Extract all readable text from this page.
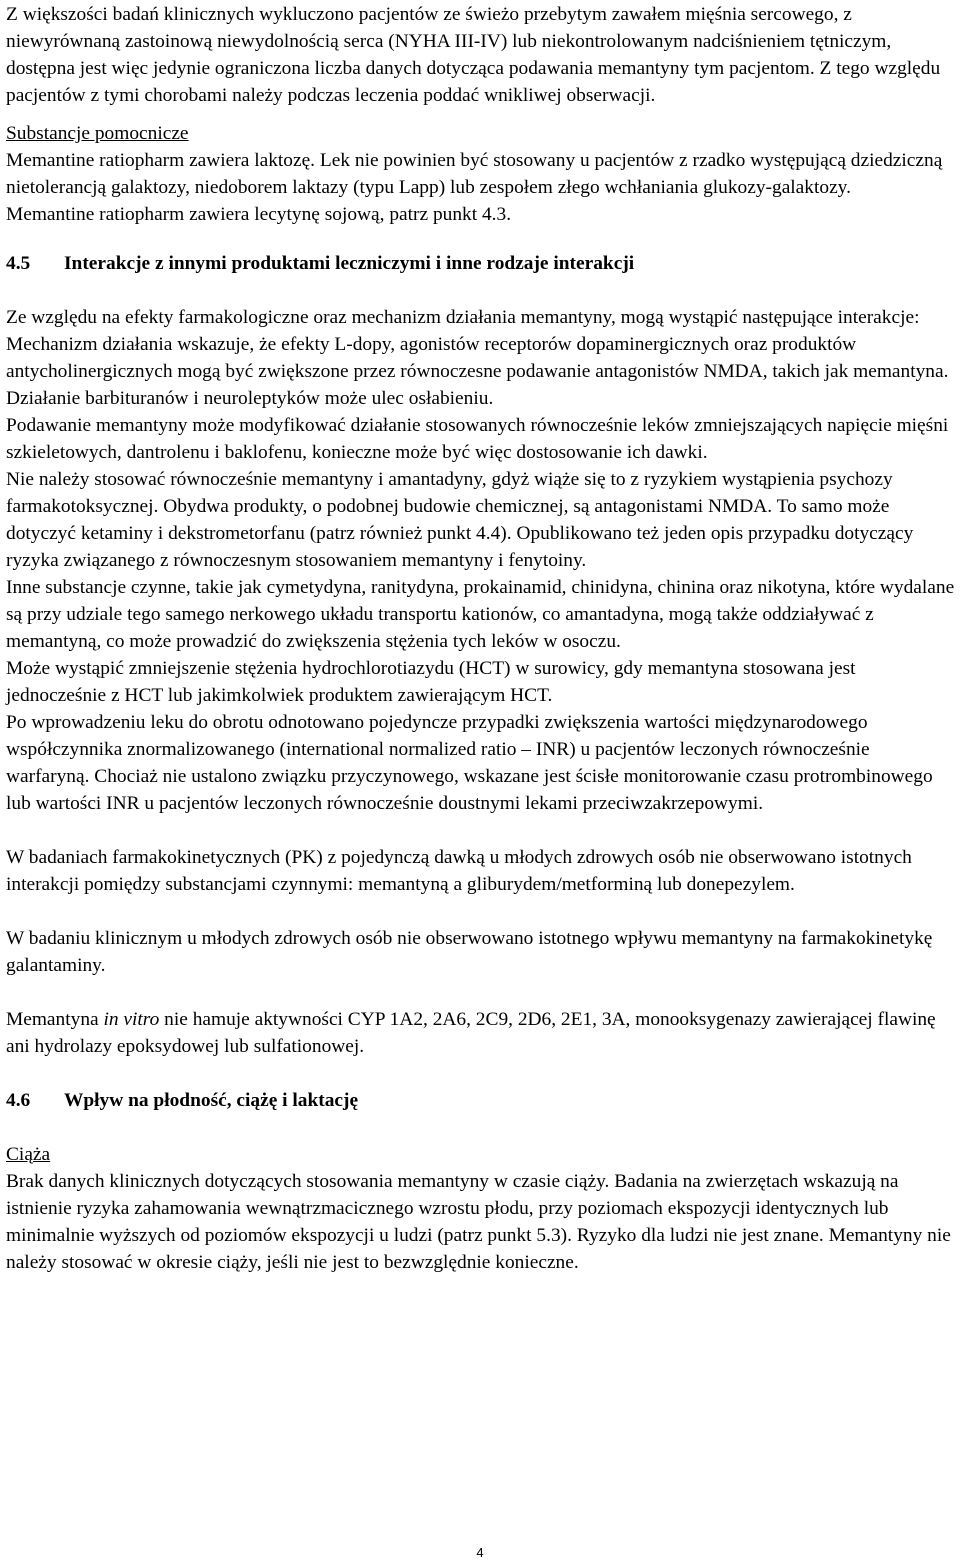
Z większości badań klinicznych wykluczono pacjentów ze świeżo przebytym zawałem mięśnia sercowego, z niewyrównaną zastoinową niewydolnością serca (NYHA III-IV) lub niekontrolowanym nadciśnieniem tętniczym, dostępna jest więc jedynie ograniczona liczba danych dotycząca podawania memantyny tym pacjentom. Z tego względu pacjentów z tymi chorobami należy podczas leczenia poddać wnikliwej obserwacji.

Substancje pomocnicze

Memantine ratiopharm zawiera laktozę. Lek nie powinien być stosowany u pacjentów z rzadko występującą dziedziczną nietolerancją galaktozy, niedoborem laktazy (typu Lapp) lub zespołem złego wchłaniania glukozy-galaktozy.

Memantine ratiopharm zawiera lecytynę sojową, patrz punkt 4.3.

4.5	Interakcje z innymi produktami leczniczymi i inne rodzaje interakcji

Ze względu na efekty farmakologiczne oraz mechanizm działania memantyny, mogą wystąpić następujące interakcje:

Mechanizm działania wskazuje, że efekty L-dopy, agonistów receptorów dopaminergicznych oraz produktów antycholinergicznych mogą być zwiększone przez równoczesne podawanie antagonistów NMDA, takich jak memantyna. Działanie barbituranów i neuroleptyków może ulec osłabieniu.

Podawanie memantyny może modyfikować działanie stosowanych równocześnie leków zmniejszających napięcie mięśni szkieletowych, dantrolenu i baklofenu, konieczne może być więc dostosowanie ich dawki.

Nie należy stosować równocześnie memantyny i amantadyny, gdyż wiąże się to z ryzykiem wystąpienia psychozy farmakotoksycznej. Obydwa produkty, o podobnej budowie chemicznej, są antagonistami NMDA. To samo może dotyczyć ketaminy i dekstrometorfanu (patrz również punkt 4.4). Opublikowano też jeden opis przypadku dotyczący ryzyka związanego z równoczesnym stosowaniem memantyny i fenytoiny.

Inne substancje czynne, takie jak cymetydyna, ranitydyna, prokainamid, chinidyna, chinina oraz nikotyna, które wydalane są przy udziale tego samego nerkowego układu transportu kationów, co amantadyna, mogą także oddziaływać z memantyną, co może prowadzić do zwiększenia stężenia tych leków w osoczu.

Może wystąpić zmniejszenie stężenia hydrochlorotiazydu (HCT) w surowicy, gdy memantyna stosowana jest jednocześnie z HCT lub jakimkolwiek produktem zawierającym HCT.

Po wprowadzeniu leku do obrotu odnotowano pojedyncze przypadki zwiększenia wartości międzynarodowego współczynnika znormalizowanego (international normalized ratio – INR) u pacjentów leczonych równocześnie warfaryną. Chociaż nie ustalono związku przyczynowego, wskazane jest ścisłe monitorowanie czasu protrombinowego lub wartości INR u pacjentów leczonych równocześnie doustnymi lekami przeciwzakrzepowymi.

W badaniach farmakokinetycznych (PK) z pojedynczą dawką u młodych zdrowych osób nie obserwowano istotnych interakcji pomiędzy substancjami czynnymi: memantyną a gliburydem/metforminą lub donepezylem.

W badaniu klinicznym u młodych zdrowych osób nie obserwowano istotnego wpływu memantyny na farmakokinetykę galantaminy.

Memantyna in vitro nie hamuje aktywności CYP 1A2, 2A6, 2C9, 2D6, 2E1, 3A, monooksygenazy zawierającej flawinę ani hydrolazy epoksydowej lub sulfationowej.

4.6	Wpływ na płodność, ciążę i laktację

Ciąża

Brak danych klinicznych dotyczących stosowania memantyny w czasie ciąży. Badania na zwierzętach wskazują na istnienie ryzyka zahamowania wewnątrzmacicznego wzrostu płodu, przy poziomach ekspozycji identycznych lub minimalnie wyższych od poziomów ekspozycji u ludzi (patrz punkt 5.3). Ryzyko dla ludzi nie jest znane. Memantyny nie należy stosować w okresie ciąży, jeśli nie jest to bezwzględnie konieczne.

4
